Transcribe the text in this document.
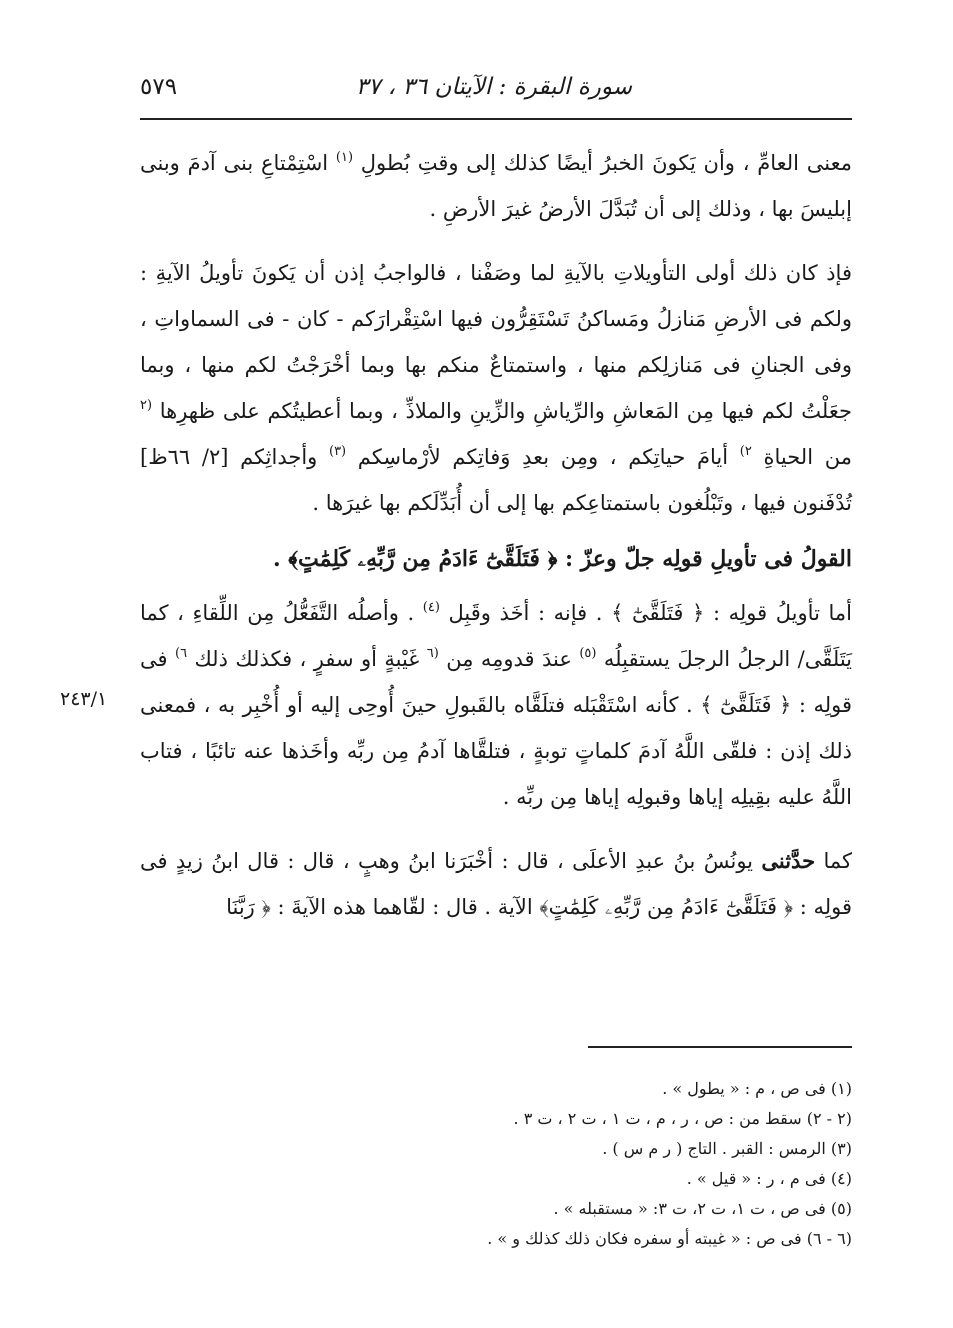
سورة البقرة : الآيتان ٣٦ ، ٣٧
٥٧٩
٢٤٣/١

معنى العامِّ ، وأن يَكونَ الخبرُ أيضًا كذلك إلى وقتِ بُطولِ $^{(١)}$ اسْتِمْتاعِ بنى آدمَ وبنى إبليسَ بها ، وذلك إلى أن تُبَدَّلَ الأرضُ غيرَ الأرضِ .

فإذ كان ذلك أولى التأويلاتِ بالآيةِ لما وصَفْنا ، فالواجبُ إذن أن يَكونَ تأويلُ الآيةِ : ولكم فى الأرضِ مَنازلُ ومَساكنُ تَسْتَقِرُّون فيها اسْتِقْرارَكم - كان - فى السماواتِ ، وفى الجنانِ فى مَنازلِكم منها ، واستمتاعٌ منكم بها وبما أخْرَجْتُ لكم منها ، وبما جعَلْتُ لكم فيها مِن المَعاشِ والرِّياشِ والزِّينِ والملاذِّ ، وبما أعطيتُكم على ظهرِها $^{(٢}$ من الحياةِ $^{٢)}$ أيامَ حياتِكم ، ومِن بعدِ وَفاتِكم لأرْماسِكم $^{(٣)}$ وأجداثِكم [٢/ ٦٦ظ] تُدْفَنون فيها ، وتَبْلُغون باستمتاعِكم بها إلى أن أُبَدِّلَكم بها غيرَها .

القولُ فى تأويلِ قولِه جلّ وعزّ : ﴿ فَتَلَقَّىٰٓ ءَادَمُ مِن رَّبِّهِۦ كَلِمَٰتٍ﴾ .

أما تأويلُ قولِه : ﴿ فَتَلَقَّىٰٓ ﴾ . فإنه : أخَذ وقَبِل $^{(٤)}$ . وأصلُه التَّفَعُّلُ مِن اللِّقاءِ ، كما يَتَلَقَّى/ الرجلُ الرجلَ يستقبِلُه $^{(٥)}$ عندَ قدومِه مِن $^{(٦}$ غَيْبةٍ أو سفرٍ ، فكذلك ذلك $^{٦)}$ فى قولِه : ﴿ فَتَلَقَّىٰٓ ﴾ . كأنه اسْتَقْبَله فتلَقَّاه بالقَبولِ حينَ أُوحِى إليه أو أُخْبِر به ، فمعنى ذلك إذن : فلقّى اللَّهُ آدمَ كلماتٍ توبةٍ ، فتلقَّاها آدمُ مِن ربِّه وأخَذها عنه تائبًا ، فتاب اللَّهُ عليه بقِيلِه إياها وقبولِه إياها مِن ربِّه .

كما حدَّثنى يونُسُ بنُ عبدِ الأعلَى ، قال : أخْبَرَنا ابنُ وهبٍ ، قال : قال ابنُ زيدٍ فى قولِه : ﴿ فَتَلَقَّىٰٓ ءَادَمُ مِن رَّبِّهِۦ كَلِمَٰتٍ﴾ الآية . قال : لقّاهما هذه الآيةَ : ﴿ رَبَّنَا

(١) فى ص ، م : « يطول » .
(٢ - ٢) سقط من : ص ، ر ، م ، ت ١ ، ت ٢ ، ت ٣ .
(٣) الرمس : القبر . التاج ( ر م س ) .
(٤) فى م ، ر : « قيل » .
(٥) فى ص ، ت ١، ت ٢، ت ٣: « مستقبله » .
(٦ - ٦) فى ص : « غيبته أو سفره فكان ذلك كذلك و » .
